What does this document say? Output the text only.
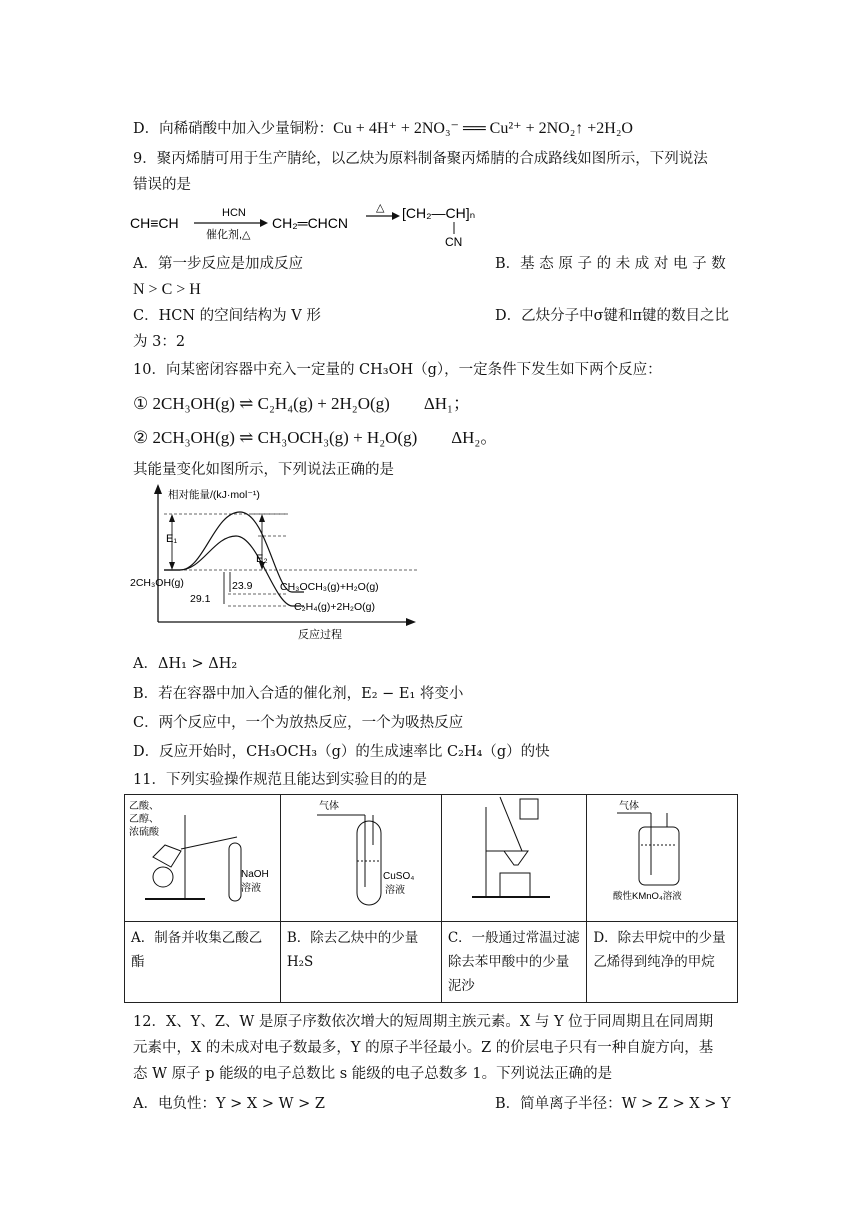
D．向稀硝酸中加入少量铜粉：Cu + 4H⁺ + 2NO₃⁻ ══ Cu²⁺ + 2NO₂↑ +2H₂O
9．聚丙烯腈可用于生产腈纶，以乙炔为原料制备聚丙烯腈的合成路线如图所示，下列说法
错误的是
CH≡CH
HCN
催化剂,△
CH₂═CHCN
△ [CH₂—CH]ₙ
CN
A．第一步反应是加成反应	B．基 态 原 子 的 未 成 对 电 子 数
N > C > H
C．HCN 的空间结构为 V 形	D．乙炔分子中σ键和π键的数目之比
为 3：2
10．向某密闭容器中充入一定量的 CH₃OH（g），一定条件下发生如下两个反应：
① 2CH₃OH(g) ⇌ C₂H₄(g) + 2H₂O(g)　　ΔH₁；
② 2CH₃OH(g) ⇌ CH₃OCH₃(g) + H₂O(g)　　ΔH₂。
其能量变化如图所示，下列说法正确的是
相对能量/(kJ·mol⁻¹)
反应过程
E₁
E₂
23.9
29.1
2CH₃OH(g)	CH₃OCH₃(g)+H₂O(g)
C₂H₄(g)+2H₂O(g)
A．ΔH₁ > ΔH₂
B．若在容器中加入合适的催化剂，E₂ − E₁ 将变小
C．两个反应中，一个为放热反应，一个为吸热反应
D．反应开始时，CH₃OCH₃（g）的生成速率比 C₂H₄（g）的快
11．下列实验操作规范且能达到实验目的的是
乙酸、
乙醇、
浓硫酸
NaOH
溶液	气体
CuSO₄
溶液		气体
酸性KMnO₄溶液

A．制备并收集乙酸乙酯	B．除去乙炔中的少量 H₂S	C．一般通过常温过滤除去苯甲酸中的少量泥沙	D．除去甲烷中的少量乙烯得到纯净的甲烷
12．X、Y、Z、W 是原子序数依次增大的短周期主族元素。X 与 Y 位于同周期且在同周期
元素中，X 的未成对电子数最多，Y 的原子半径最小。Z 的价层电子只有一种自旋方向，基
态 W 原子 p 能级的电子总数比 s 能级的电子总数多 1。下列说法正确的是
A．电负性：Y > X > W > Z	B．简单离子半径：W > Z > X > Y
